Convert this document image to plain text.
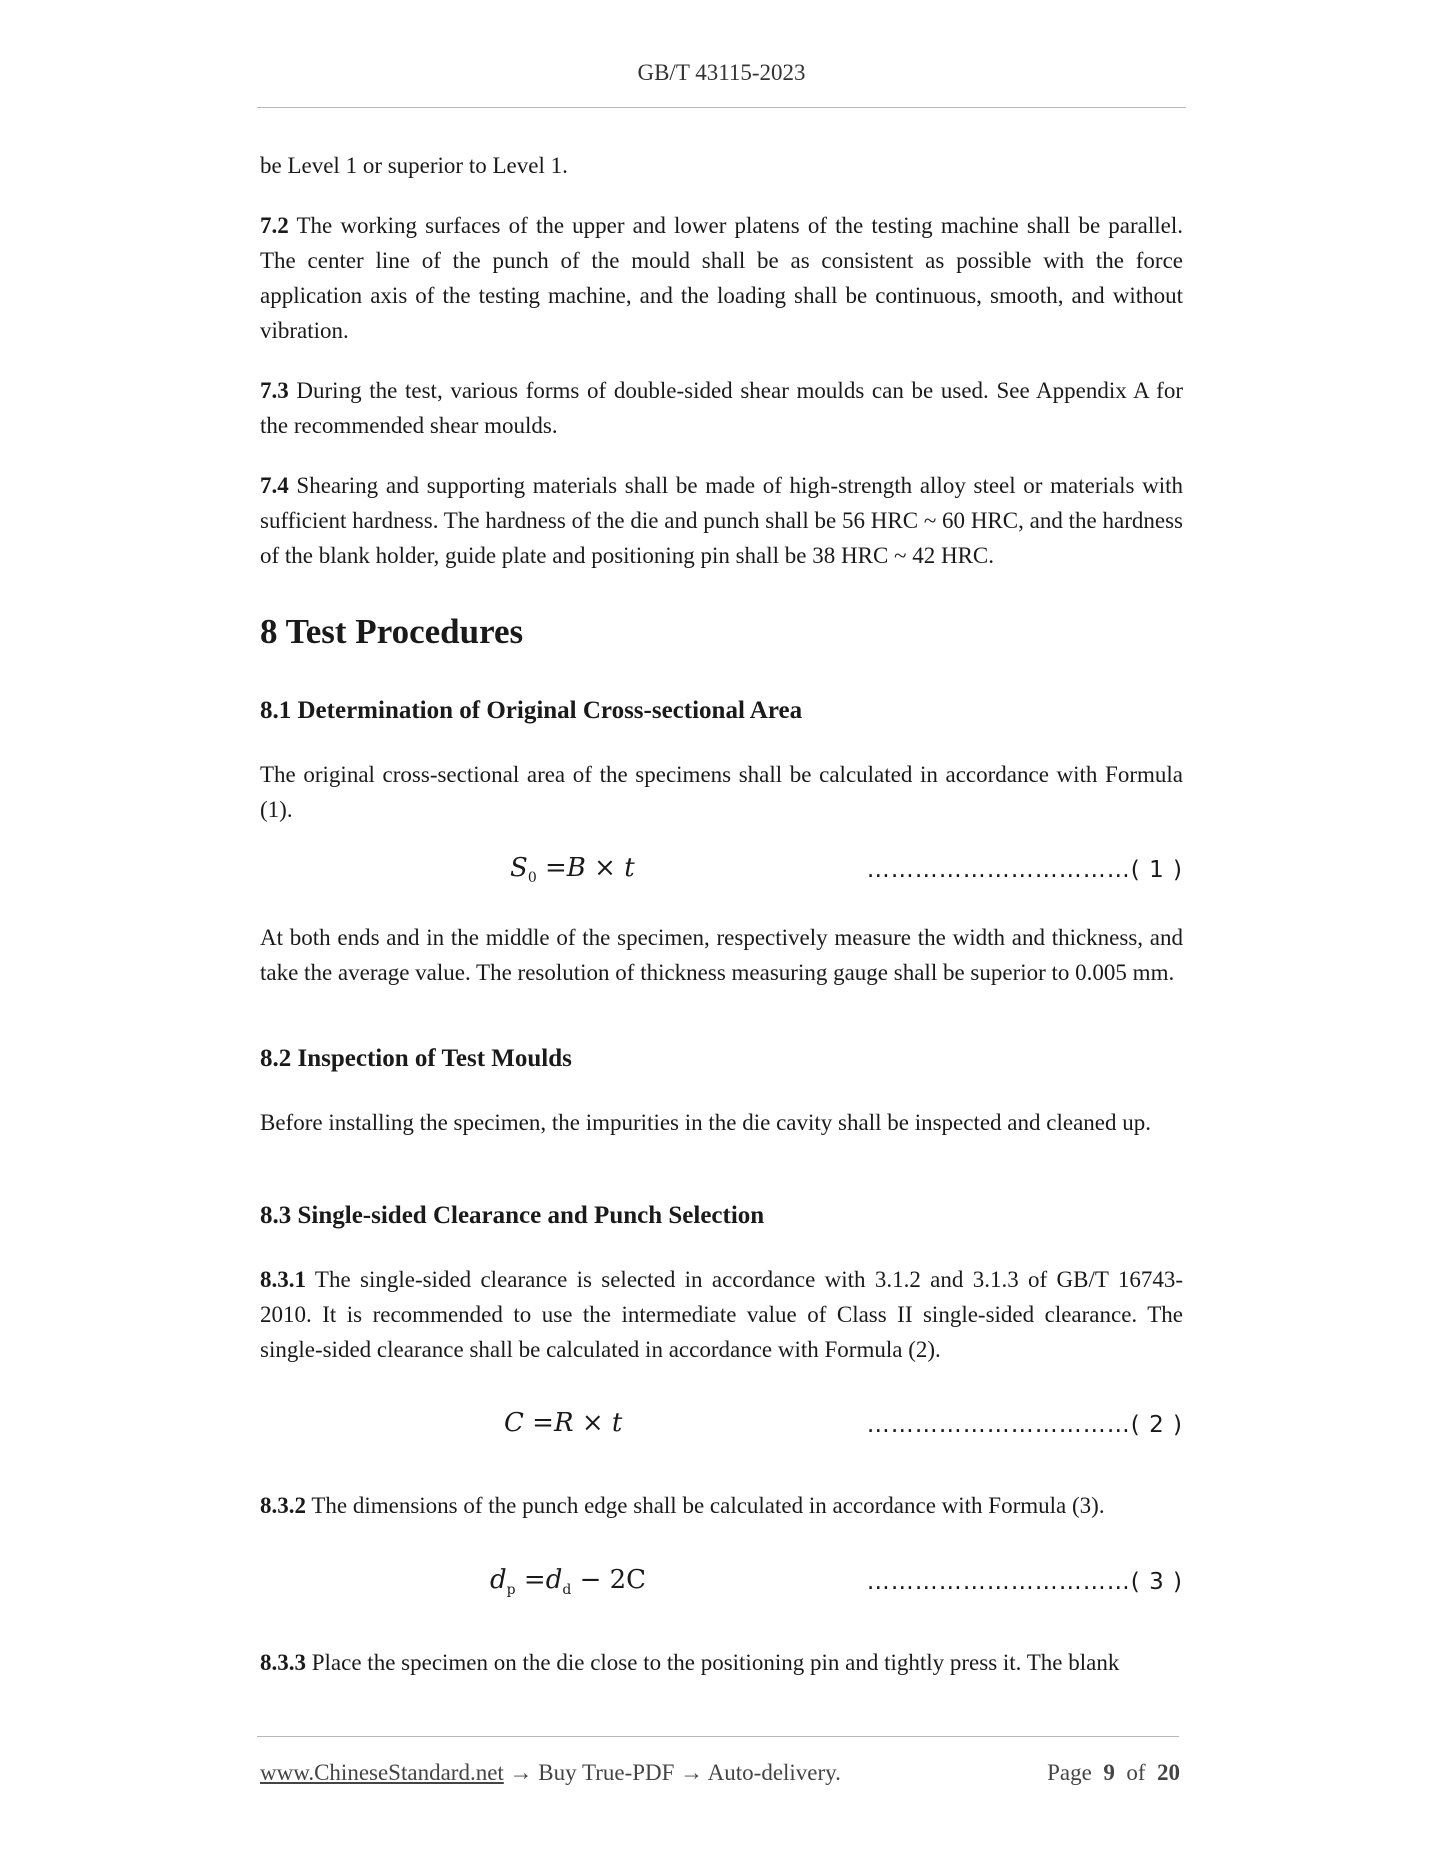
GB/T 43115-2023

be Level 1 or superior to Level 1.

7.2 The working surfaces of the upper and lower platens of the testing machine shall be parallel. The center line of the punch of the mould shall be as consistent as possible with the force application axis of the testing machine, and the loading shall be continuous, smooth, and without vibration.

7.3 During the test, various forms of double-sided shear moulds can be used. See Appendix A for the recommended shear moulds.

7.4 Shearing and supporting materials shall be made of high-strength alloy steel or materials with sufficient hardness. The hardness of the die and punch shall be 56 HRC ~ 60 HRC, and the hardness of the blank holder, guide plate and positioning pin shall be 38 HRC ~ 42 HRC.

8 Test Procedures
8.1 Determination of Original Cross-sectional Area

The original cross-sectional area of the specimens shall be calculated in accordance with Formula (1).

$S_0 =B \times t$	……………………………( 1 )

At both ends and in the middle of the specimen, respectively measure the width and thickness, and take the average value. The resolution of thickness measuring gauge shall be superior to 0.005 mm.

8.2 Inspection of Test Moulds

Before installing the specimen, the impurities in the die cavity shall be inspected and cleaned up.

8.3 Single-sided Clearance and Punch Selection

8.3.1 The single-sided clearance is selected in accordance with 3.1.2 and 3.1.3 of GB/T 16743-2010. It is recommended to use the intermediate value of Class II single-sided clearance. The single-sided clearance shall be calculated in accordance with Formula (2).

C =R × t	……………………………( 2 )

8.3.2 The dimensions of the punch edge shall be calculated in accordance with Formula (3).

$d_p =d_d - 2C$	……………………………( 3 )

8.3.3 Place the specimen on the die close to the positioning pin and tightly press it. The blank

www.ChineseStandard.net → Buy True-PDF → Auto-delivery.	Page 9 of 20
